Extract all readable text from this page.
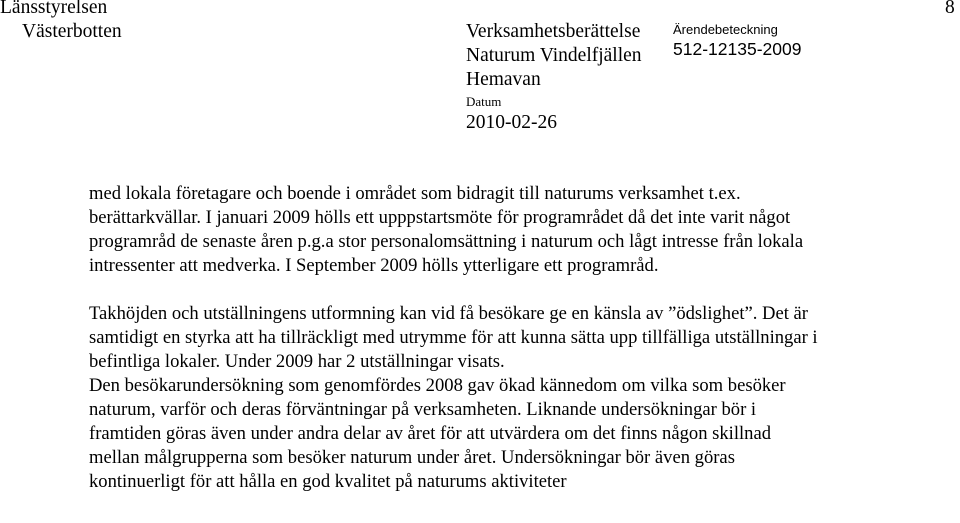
Länsstyrelsen
Västerbotten	Verksamhetsberättelse
Naturum Vindelfjällen
Hemavan
Datum
2010-02-26
Ärendebeteckning
512-12135-2009
8
med lokala företagare och boende i området som bidragit till naturums verksamhet t.ex.
berättarkvällar. I januari 2009 hölls ett upppstartsmöte för programrådet då det inte varit något
programråd de senaste åren p.g.a stor personalomsättning i naturum och lågt intresse från lokala
intressenter att medverka. I September 2009 hölls ytterligare ett programråd.
Takhöjden och utställningens utformning kan vid få besökare ge en känsla av ”ödslighet”. Det är
samtidigt en styrka att ha tillräckligt med utrymme för att kunna sätta upp tillfälliga utställningar i
befintliga lokaler. Under 2009 har 2 utställningar visats.
Den besökarundersökning som genomfördes 2008 gav ökad kännedom om vilka som besöker
naturum, varför och deras förväntningar på verksamheten. Liknande undersökningar bör i
framtiden göras även under andra delar av året för att utvärdera om det finns någon skillnad
mellan målgrupperna som besöker naturum under året. Undersökningar bör även göras
kontinuerligt för att hålla en god kvalitet på naturums aktiviteter
